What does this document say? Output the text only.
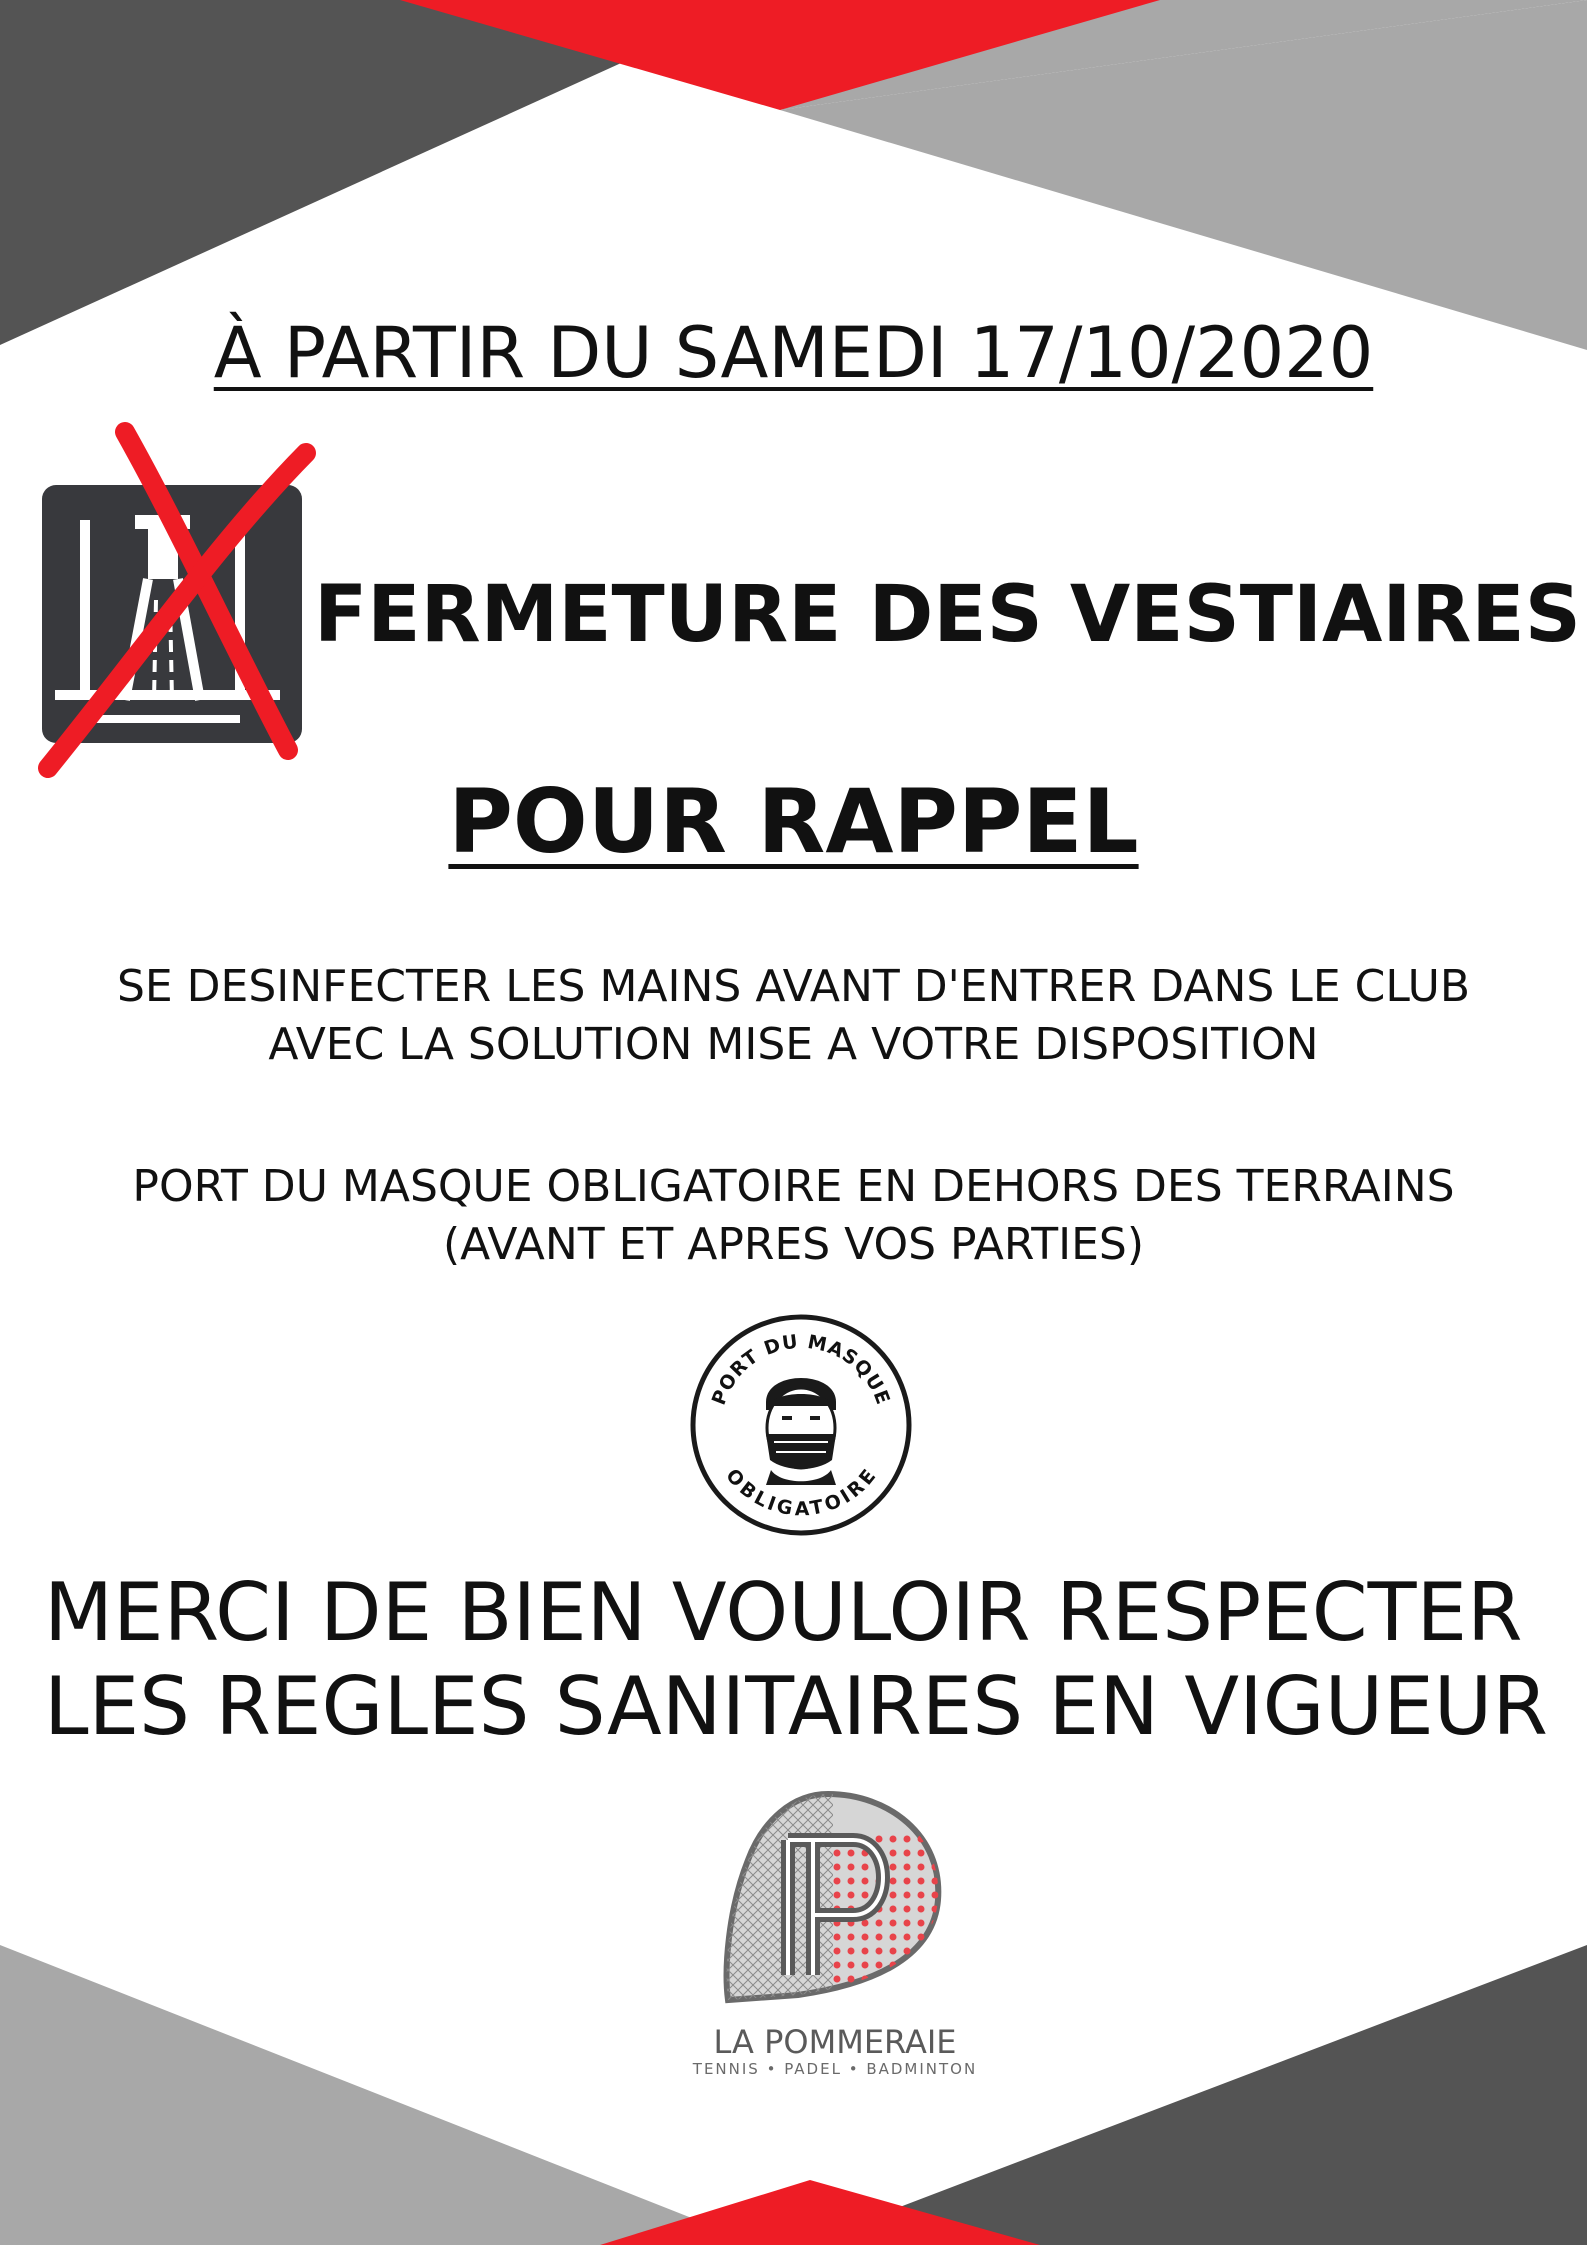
À PARTIR DU SAMEDI 17/10/2020
FERMETURE DES VESTIAIRES
POUR RAPPEL

SE DESINFECTER LES MAINS AVANT D'ENTRER DANS LE CLUB
AVEC LA SOLUTION MISE A VOTRE DISPOSITION

PORT DU MASQUE OBLIGATOIRE EN DEHORS DES TERRAINS
(AVANT ET APRES VOS PARTIES)

PORT DU MASQUE
OBLIGATOIRE

MERCI DE BIEN VOULOIR RESPECTER
LES REGLES SANITAIRES EN VIGUEUR

LA POMMERAIE

TENNIS • PADEL • BADMINTON
